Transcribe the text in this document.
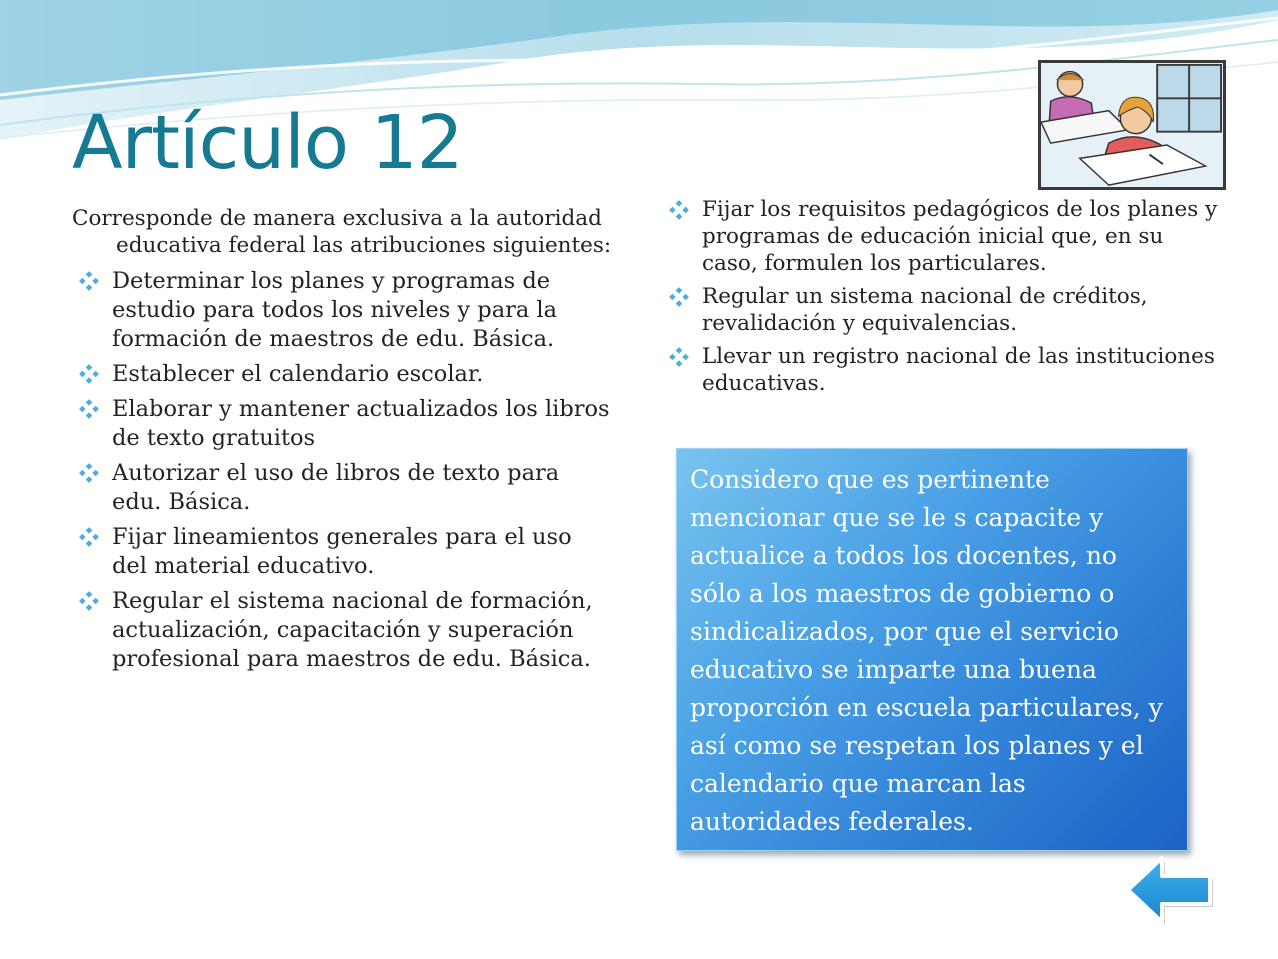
Artículo 12
Corresponde de manera exclusiva a la autoridad educativa federal las atribuciones siguientes:
Determinar los planes y programas de estudio para todos los niveles y para la formación de maestros de edu. Básica.
Establecer el calendario escolar.
Elaborar y mantener actualizados los libros de texto gratuitos
Autorizar el uso de libros de texto para edu. Básica.
Fijar lineamientos generales para el uso del material educativo.
Regular el sistema nacional de formación, actualización, capacitación y superación profesional para maestros de edu. Básica.
Fijar los requisitos pedagógicos de los planes y programas de educación inicial que, en su caso, formulen los particulares.
Regular un sistema nacional de créditos, revalidación y equivalencias.
Llevar un registro nacional de las instituciones educativas.
Considero que es pertinente mencionar que se le s capacite y actualice a todos los docentes, no sólo a los maestros de gobierno o sindicalizados, por que el servicio educativo se imparte una buena proporción en escuela particulares, y así como se respetan los planes y el calendario que marcan las autoridades federales.
